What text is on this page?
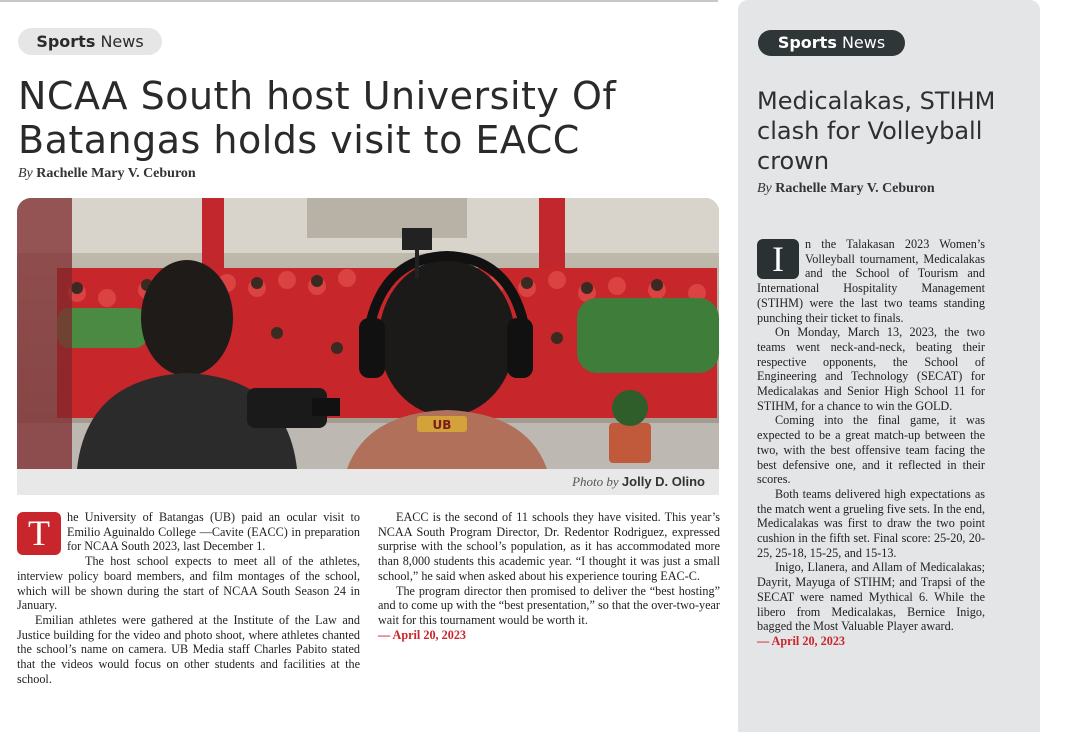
Sports News
NCAA South host University Of Batangas holds visit to EACC
By Rachelle Mary V. Ceburon
UB
Photo by Jolly D. Olino

T	he University of Batangas (UB) paid an ocular visit to Emilio Aguinaldo College —Cavite (EACC) in preparation for NCAA South 2023, last December 1.

The host school expects to meet all of the athletes, interview policy board members, and film montages of the school, which will be shown during the start of NCAA South Season 24 in January.

Emilian athletes were gathered at the Institute of the Law and Justice building for the video and photo shoot, where athletes chanted the school’s name on camera. UB Media staff Charles Pabito stated that the videos would focus on other students and facilities at the school.

EACC is the second of 11 schools they have visited. This year’s NCAA South Program Director, Dr. Redentor Rodriguez, expressed surprise with the school’s population, as it has accommodated more than 8,000 students this academic year. “I thought it was just a small school,” he said when asked about his experience touring EAC-C.

The program director then promised to deliver the “best hosting” and to come up with the “best presentation,” so that the over-two-year wait for this tournament would be worth it.

— April 20, 2023

Sports News
Medicalakas, STIHM clash for Volleyball crown
By Rachelle Mary V. Ceburon

I	n the Talakasan 2023 Women’s Volleyball tournament, Medicalakas and the School of Tourism and International Hospitality Management (STIHM) were the last two teams standing punching their ticket to finals.

On Monday, March 13, 2023, the two teams went neck-and-neck, beating their respective opponents, the School of Engineering and Technology (SECAT) for Medicalakas and Senior High School 11 for STIHM, for a chance to win the GOLD.

Coming into the final game, it was expected to be a great match-up between the two, with the best offensive team facing the best defensive one, and it reflected in their scores.

Both teams delivered high expectations as the match went a grueling five sets. In the end, Medicalakas was first to draw the two point cushion in the fifth set. Final score: 25-20, 20-25, 25-18, 15-25, and 15-13.

Inigo, Llanera, and Allam of Medicalakas; Dayrit, Mayuga of STIHM; and Trapsi of the SECAT were named Mythical 6. While the libero from Medicalakas, Bernice Inigo, bagged the Most Valuable Player award.

— April 20, 2023
